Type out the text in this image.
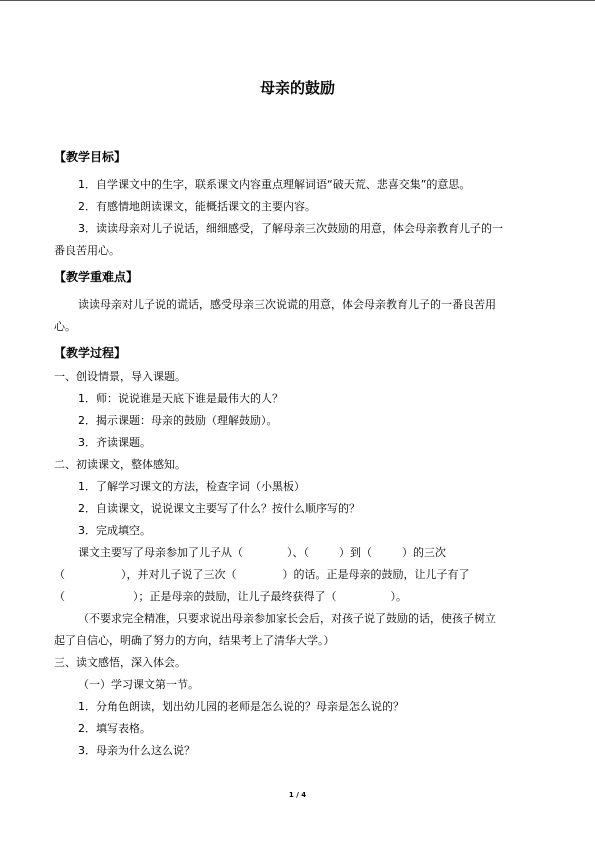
母亲的鼓励
【教学目标】

1．自学课文中的生字，联系课文内容重点理解词语“破天荒、悲喜交集”的意思。

2．有感情地朗读课文，能概括课文的主要内容。

3．读读母亲对儿子说话，细细感受，了解母亲三次鼓励的用意，体会母亲教育儿子的一

番良苦用心。

【教学重难点】

读读母亲对儿子说的谎话，感受母亲三次说谎的用意，体会母亲教育儿子的一番良苦用

心。

【教学过程】

一、创设情景，导入课题。

1．师：说说谁是天底下谁是最伟大的人？

2．揭示课题：母亲的鼓励（理解鼓励）。

3．齐读课题。

二、初读课文，整体感知。

1．了解学习课文的方法，检查字词（小黑板）

2．自读课文，说说课文主要写了什么？按什么顺序写的？

3．完成填空。

课文主要写了母亲参加了儿子从（	）、（	）到（	）的三次

（	），并对儿子说了三次（	）的话。正是母亲的鼓励，让儿子有了

（	）；正是母亲的鼓励，让儿子最终获得了（	）。

（不要求完全精准，只要求说出母亲参加家长会后，对孩子说了鼓励的话，使孩子树立

起了自信心，明确了努力的方向，结果考上了清华大学。）

三、读文感悟，深入体会。

（一）学习课文第一节。

1．分角色朗读，划出幼儿园的老师是怎么说的？母亲是怎么说的？

2．填写表格。

3．母亲为什么这么说？

1 / 4
